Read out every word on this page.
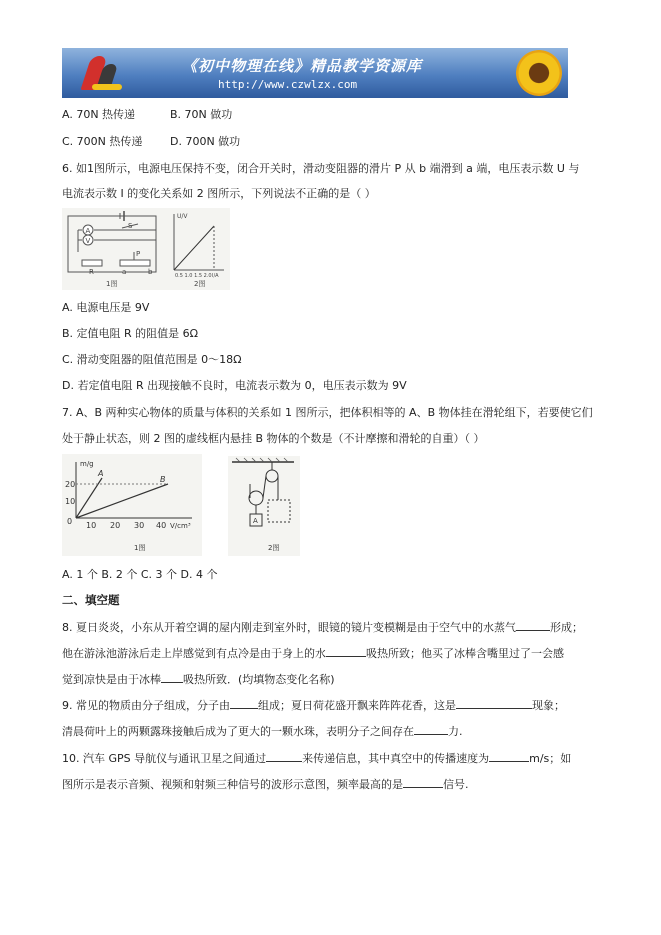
《初中物理在线》精品教学资源库
http://www.czwlzx.com
A. 70N 热传递	B. 70N 做功
C. 700N 热传递	D. 700N 做功
6. 如1图所示，电源电压保持不变，闭合开关时，滑动变阻器的滑片 P 从 b 端滑到 a 端，电压表示数 U 与
电流表示数 I 的变化关系如 2 图所示，下列说法不正确的是（ ）
A
V
S
R	a	b
P
1图
U/V
I/A
0.5 1.0 1.5 2.0
2图
A. 电源电压是 9V
B. 定值电阻 R 的阻值是 6Ω
C. 滑动变阻器的阻值范围是 0～18Ω
D. 若定值电阻 R 出现接触不良时，电流表示数为 0，电压表示数为 9V
7. A、B 两种实心物体的质量与体积的关系如 1 图所示，把体积相等的 A、B 物体挂在滑轮组下，若要使它们
处于静止状态，则 2 图的虚线框内悬挂 B 物体的个数是（不计摩擦和滑轮的自重）（ ）
m/g
V/cm³
20
10
0 10 20 30 40
A
B
1图
A
2图
A. 1 个 B. 2 个 C. 3 个 D. 4 个
二、填空题
8. 夏日炎炎，小东从开着空调的屋内刚走到室外时，眼镜的镜片变模糊是由于空气中的水蒸气	形成；
他在游泳池游泳后走上岸感觉到有点冷是由于身上的水	吸热所致；他买了冰棒含嘴里过了一会感
觉到凉快是由于冰棒 吸热所致．(均填物态变化名称)
9. 常见的物质由分子组成，分子由	组成；夏日荷花盛开飘来阵阵花香，这是	现象；
清晨荷叶上的两颗露珠接触后成为了更大的一颗水珠，表明分子之间存在	力.
10. 汽车 GPS 导航仪与通讯卫星之间通过	来传递信息，其中真空中的传播速度为	m/s；如
图所示是表示音频、视频和射频三种信号的波形示意图，频率最高的是	信号.
